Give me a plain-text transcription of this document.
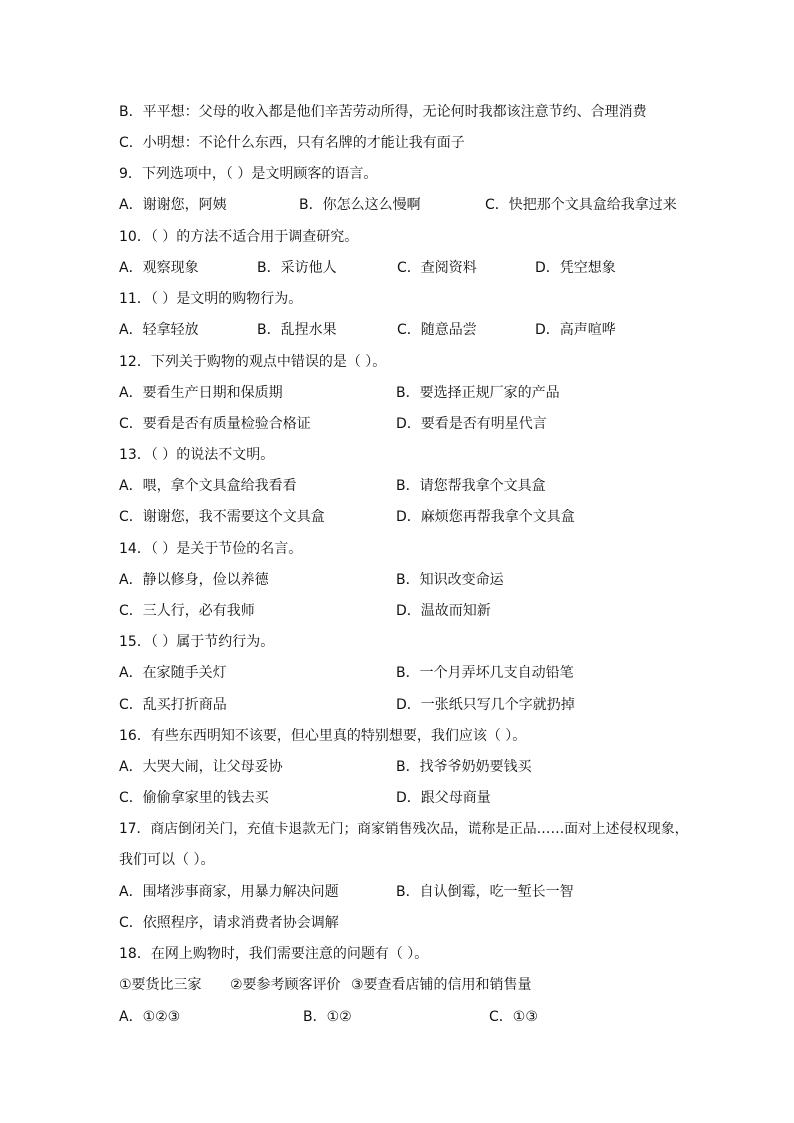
B．平平想：父母的收入都是他们辛苦劳动所得，无论何时我都该注意节约、合理消费
C．小明想：不论什么东西，只有名牌的才能让我有面子
9．下列选项中，（ ）是文明顾客的语言。
A．谢谢您，阿姨	B．你怎么这么慢啊	C．快把那个文具盒给我拿过来
10．（ ）的方法不适合用于调查研究。
A．观察现象	B．采访他人	C．查阅资料	D．凭空想象
11．（ ）是文明的购物行为。
A．轻拿轻放	B．乱捏水果	C．随意品尝	D．高声喧哗
12．下列关于购物的观点中错误的是（ ）。
A．要看生产日期和保质期	B．要选择正规厂家的产品
C．要看是否有质量检验合格证	D．要看是否有明星代言
13．（ ）的说法不文明。
A．喂，拿个文具盒给我看看	B．请您帮我拿个文具盒
C．谢谢您，我不需要这个文具盒	D．麻烦您再帮我拿个文具盒
14．（ ）是关于节俭的名言。
A．静以修身，俭以养德	B．知识改变命运
C．三人行，必有我师	D．温故而知新
15．（ ）属于节约行为。
A．在家随手关灯	B．一个月弄坏几支自动铅笔
C．乱买打折商品	D．一张纸只写几个字就扔掉
16．有些东西明知不该要，但心里真的特别想要，我们应该（ ）。
A．大哭大闹，让父母妥协	B．找爷爷奶奶要钱买
C．偷偷拿家里的钱去买	D．跟父母商量
17．商店倒闭关门，充值卡退款无门；商家销售残次品，谎称是正品……面对上述侵权现象，
我们可以（ ）。
A．围堵涉事商家，用暴力解决问题	B．自认倒霉，吃一堑长一智
C．依照程序，请求消费者协会调解
18．在网上购物时，我们需要注意的问题有（ ）。
①要货比三家 ②要参考顾客评价 ③要查看店铺的信用和销售量
A．①②③	B．①②	C．①③
